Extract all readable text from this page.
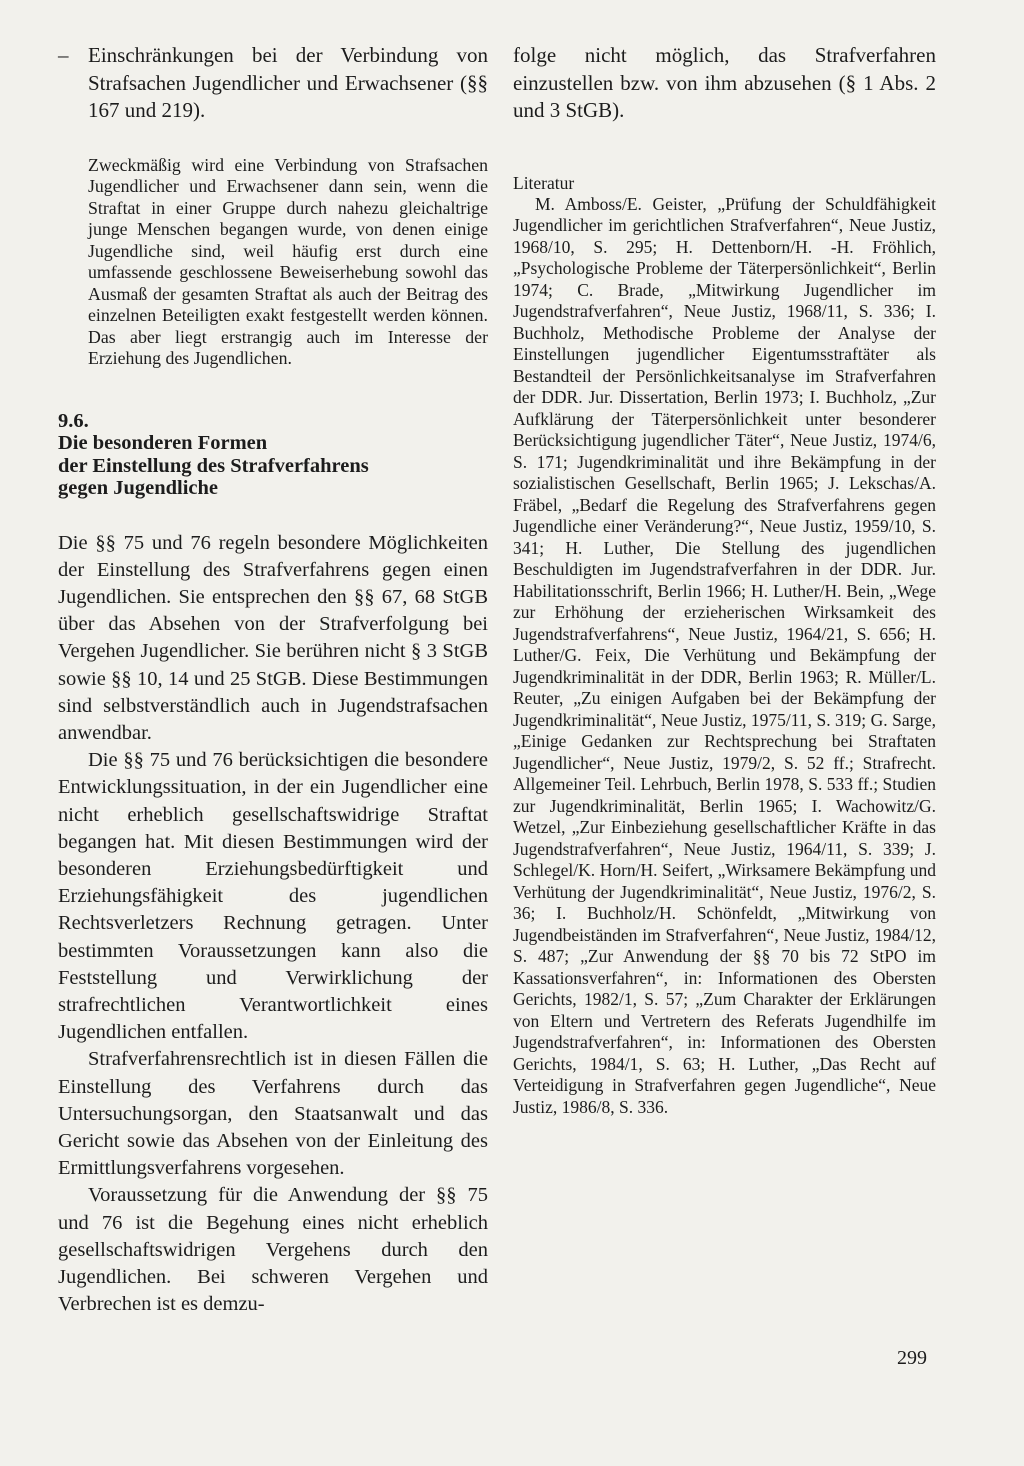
– Einschränkungen bei der Verbindung von Strafsachen Jugendlicher und Erwachsener (§§ 167 und 219).

Zweckmäßig wird eine Verbindung von Strafsachen Jugendlicher und Erwachsener dann sein, wenn die Straftat in einer Gruppe durch nahezu gleichaltrige junge Menschen begangen wurde, von denen einige Jugendliche sind, weil häufig erst durch eine umfassende geschlossene Beweiserhebung sowohl das Ausmaß der gesamten Straftat als auch der Beitrag des einzelnen Beteiligten exakt festgestellt werden können. Das aber liegt erstrangig auch im Interesse der Erziehung des Jugendlichen.

9.6.
Die besonderen Formen
der Einstellung des Strafverfahrens
gegen Jugendliche

Die §§ 75 und 76 regeln besondere Möglichkeiten der Einstellung des Strafverfahrens gegen einen Jugendlichen. Sie entsprechen den §§ 67, 68 StGB über das Absehen von der Strafverfolgung bei Vergehen Jugendlicher. Sie berühren nicht § 3 StGB sowie §§ 10, 14 und 25 StGB. Diese Bestimmungen sind selbstverständlich auch in Jugendstrafsachen anwendbar.

Die §§ 75 und 76 berücksichtigen die besondere Entwicklungssituation, in der ein Jugendlicher eine nicht erheblich gesellschaftswidrige Straftat begangen hat. Mit diesen Bestimmungen wird der besonderen Erziehungsbedürftigkeit und Erziehungsfähigkeit des jugendlichen Rechtsverletzers Rechnung getragen. Unter bestimmten Voraussetzungen kann also die Feststellung und Verwirklichung der strafrechtlichen Verantwortlichkeit eines Jugendlichen entfallen.

Strafverfahrensrechtlich ist in diesen Fällen die Einstellung des Verfahrens durch das Untersuchungsorgan, den Staatsanwalt und das Gericht sowie das Absehen von der Einleitung des Ermittlungsverfahrens vorgesehen.

Voraussetzung für die Anwendung der §§ 75 und 76 ist die Begehung eines nicht erheblich gesellschaftswidrigen Vergehens durch den Jugendlichen. Bei schweren Vergehen und Verbrechen ist es demzu-

folge nicht möglich, das Strafverfahren einzustellen bzw. von ihm abzusehen (§ 1 Abs. 2 und 3 StGB).

Literatur

M. Amboss/E. Geister, „Prüfung der Schuldfähigkeit Jugendlicher im gerichtlichen Strafverfahren“, Neue Justiz, 1968/10, S. 295; H. Dettenborn/H. -H. Fröhlich, „Psychologische Probleme der Täterpersönlichkeit“, Berlin 1974; C. Brade, „Mitwirkung Jugendlicher im Jugendstrafverfahren“, Neue Justiz, 1968/11, S. 336; I. Buchholz, Methodische Probleme der Analyse der Einstellungen jugendlicher Eigentumsstraftäter als Bestandteil der Persönlichkeitsanalyse im Strafverfahren der DDR. Jur. Dissertation, Berlin 1973; I. Buchholz, „Zur Aufklärung der Täterpersönlichkeit unter besonderer Berücksichtigung jugendlicher Täter“, Neue Justiz, 1974/6, S. 171; Jugendkriminalität und ihre Bekämpfung in der sozialistischen Gesellschaft, Berlin 1965; J. Lekschas/A. Fräbel, „Bedarf die Regelung des Strafverfahrens gegen Jugendliche einer Veränderung?“, Neue Justiz, 1959/10, S. 341; H. Luther, Die Stellung des jugendlichen Beschuldigten im Jugendstrafverfahren in der DDR. Jur. Habilitationsschrift, Berlin 1966; H. Luther/H. Bein, „Wege zur Erhöhung der erzieherischen Wirksamkeit des Jugendstrafverfahrens“, Neue Justiz, 1964/21, S. 656; H. Luther/G. Feix, Die Verhütung und Bekämpfung der Jugendkriminalität in der DDR, Berlin 1963; R. Müller/L. Reuter, „Zu einigen Aufgaben bei der Bekämpfung der Jugendkriminalität“, Neue Justiz, 1975/11, S. 319; G. Sarge, „Einige Gedanken zur Rechtsprechung bei Straftaten Jugendlicher“, Neue Justiz, 1979/2, S. 52 ff.; Strafrecht. Allgemeiner Teil. Lehrbuch, Berlin 1978, S. 533 ff.; Studien zur Jugendkriminalität, Berlin 1965; I. Wachowitz/G. Wetzel, „Zur Einbeziehung gesellschaftlicher Kräfte in das Jugendstrafverfahren“, Neue Justiz, 1964/11, S. 339; J. Schlegel/K. Horn/H. Seifert, „Wirksamere Bekämpfung und Verhütung der Jugendkriminalität“, Neue Justiz, 1976/2, S. 36; I. Buchholz/H. Schönfeldt, „Mitwirkung von Jugendbeiständen im Strafverfahren“, Neue Justiz, 1984/12, S. 487; „Zur Anwendung der §§ 70 bis 72 StPO im Kassationsverfahren“, in: Informationen des Obersten Gerichts, 1982/1, S. 57; „Zum Charakter der Erklärungen von Eltern und Vertretern des Referats Jugendhilfe im Jugendstrafverfahren“, in: Informationen des Obersten Gerichts, 1984/1, S. 63; H. Luther, „Das Recht auf Verteidigung in Strafverfahren gegen Jugendliche“, Neue Justiz, 1986/8, S. 336.

299
